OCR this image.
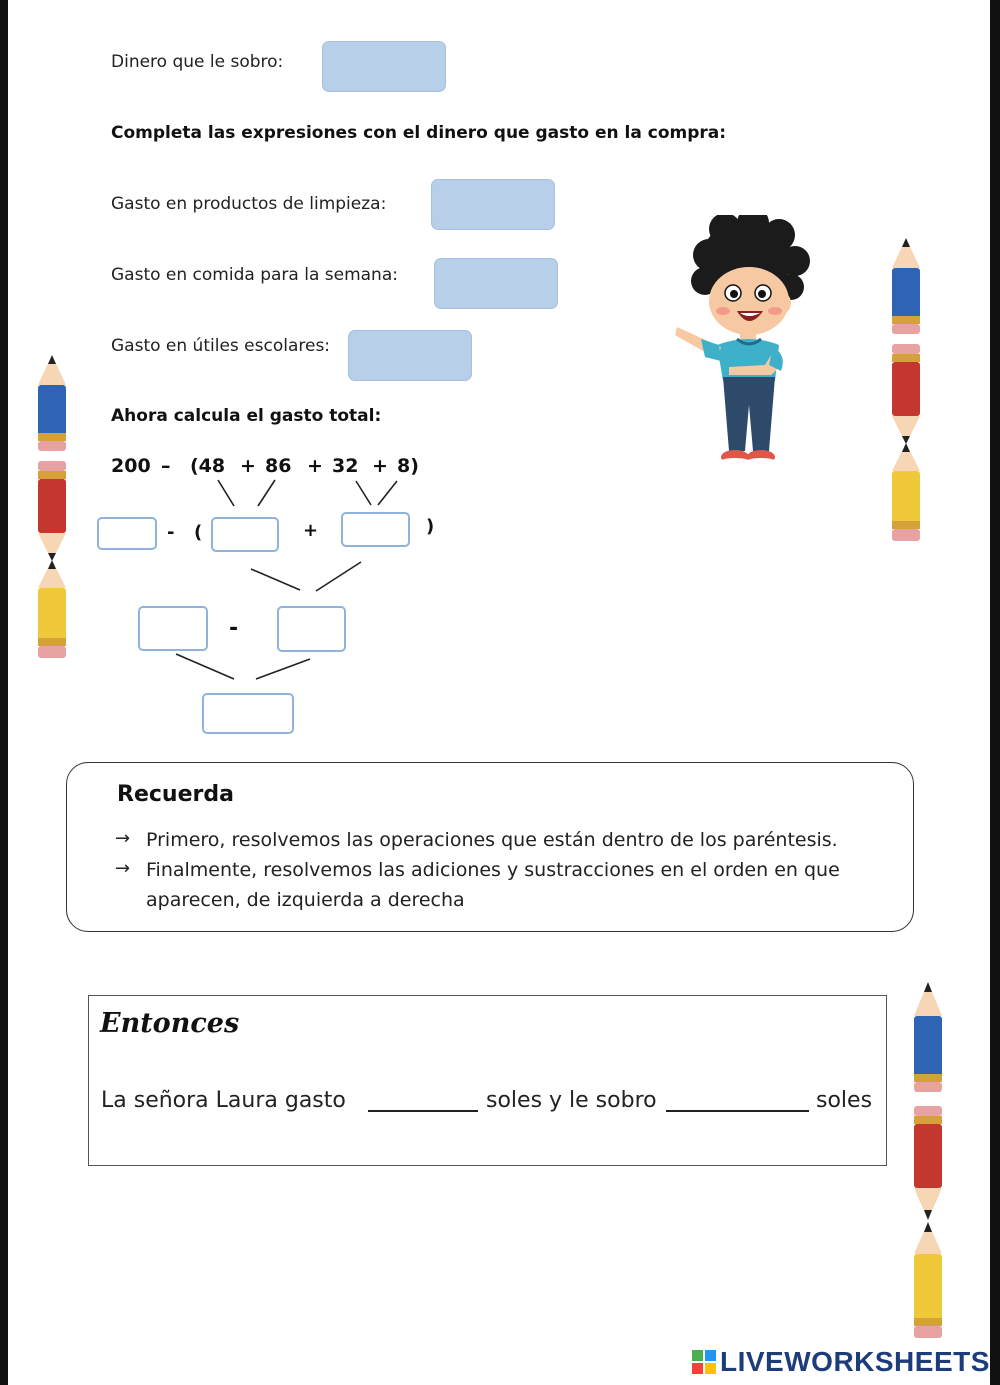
Dinero que le sobro:
Completa las expresiones con el dinero que gasto en la compra:
Gasto en productos de limpieza:
Gasto en comida para la semana:
Gasto en útiles escolares:
Ahora calcula el gasto total:
200 – (48 + 86 + 32 + 8)
- (	+	)
-
Recuerda
→ Primero, resolvemos las operaciones que están dentro de los paréntesis.
→ Finalmente, resolvemos las adiciones y sustracciones en el orden en que
aparecen, de izquierda a derecha
Entonces
La señora Laura gasto	soles y le sobro	soles
LIVEWORKSHEETS
